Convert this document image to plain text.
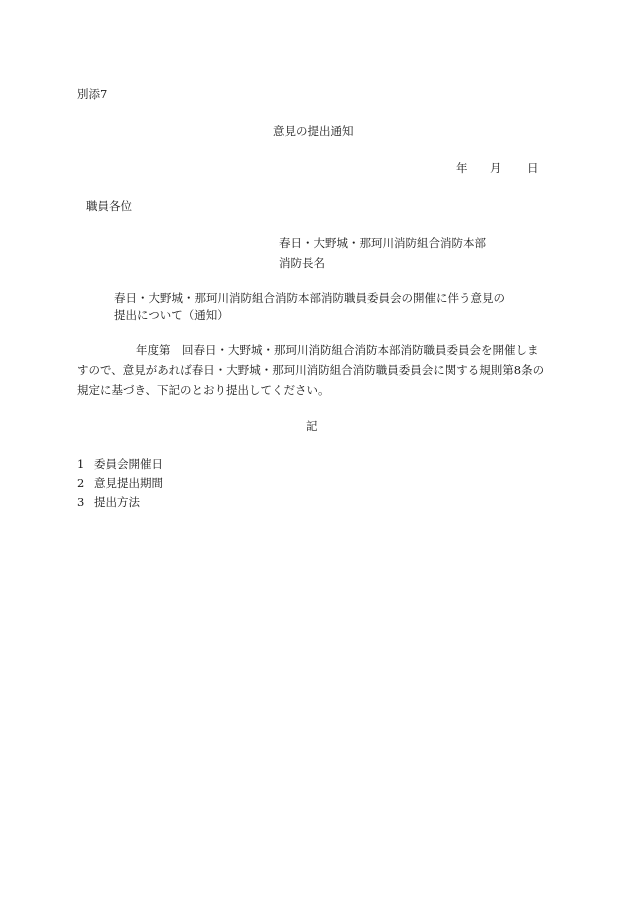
別添7
意見の提出通知
年 月 日
職員各位
春日・大野城・那珂川消防組合消防本部
消防長名
春日・大野城・那珂川消防組合消防本部消防職員委員会の開催に伴う意見の
提出について（通知）
年度第　回春日・大野城・那珂川消防組合消防本部消防職員委員会を開催しま
すので、意見があれば春日・大野城・那珂川消防組合消防職員委員会に関する規則第8条の
規定に基づき、下記のとおり提出してください。
記
1 委員会開催日
2 意見提出期間
3 提出方法
